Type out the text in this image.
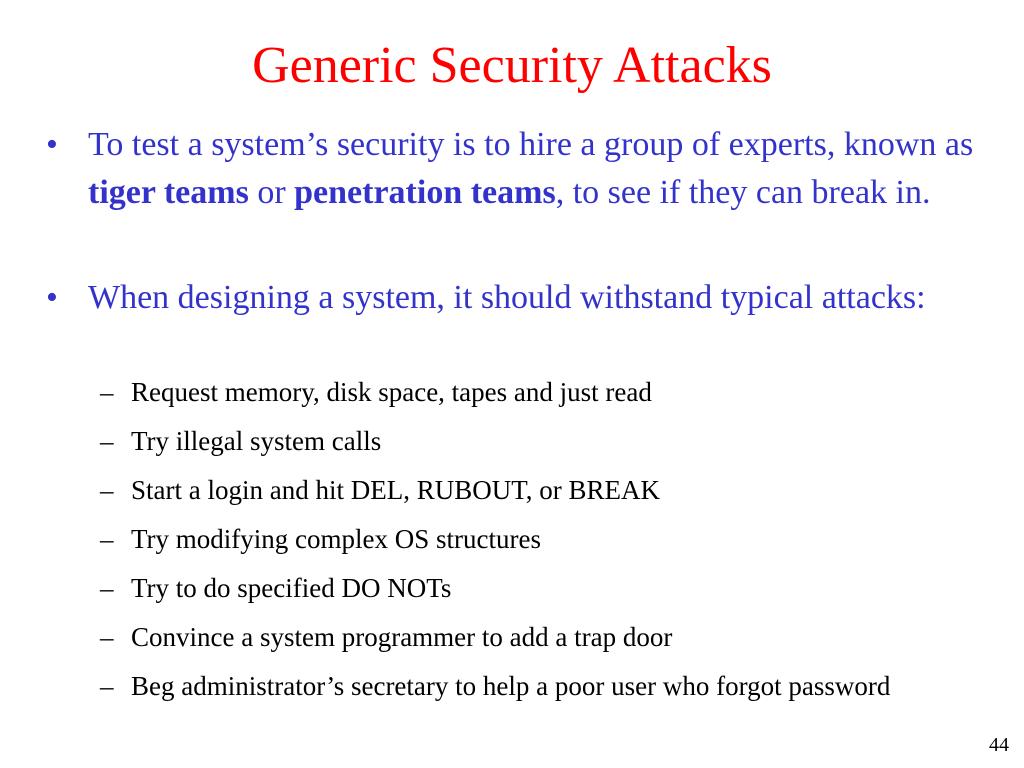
Generic Security Attacks
• To test a system’s security is to hire a group of experts, known as tiger teams or penetration teams, to see if they can break in.
• When designing a system, it should withstand typical attacks:
– Request memory, disk space, tapes and just read
– Try illegal system calls
– Start a login and hit DEL, RUBOUT, or BREAK
– Try modifying complex OS structures
– Try to do specified DO NOTs
– Convince a system programmer to add a trap door
– Beg administrator’s secretary to help a poor user who forgot password
44
